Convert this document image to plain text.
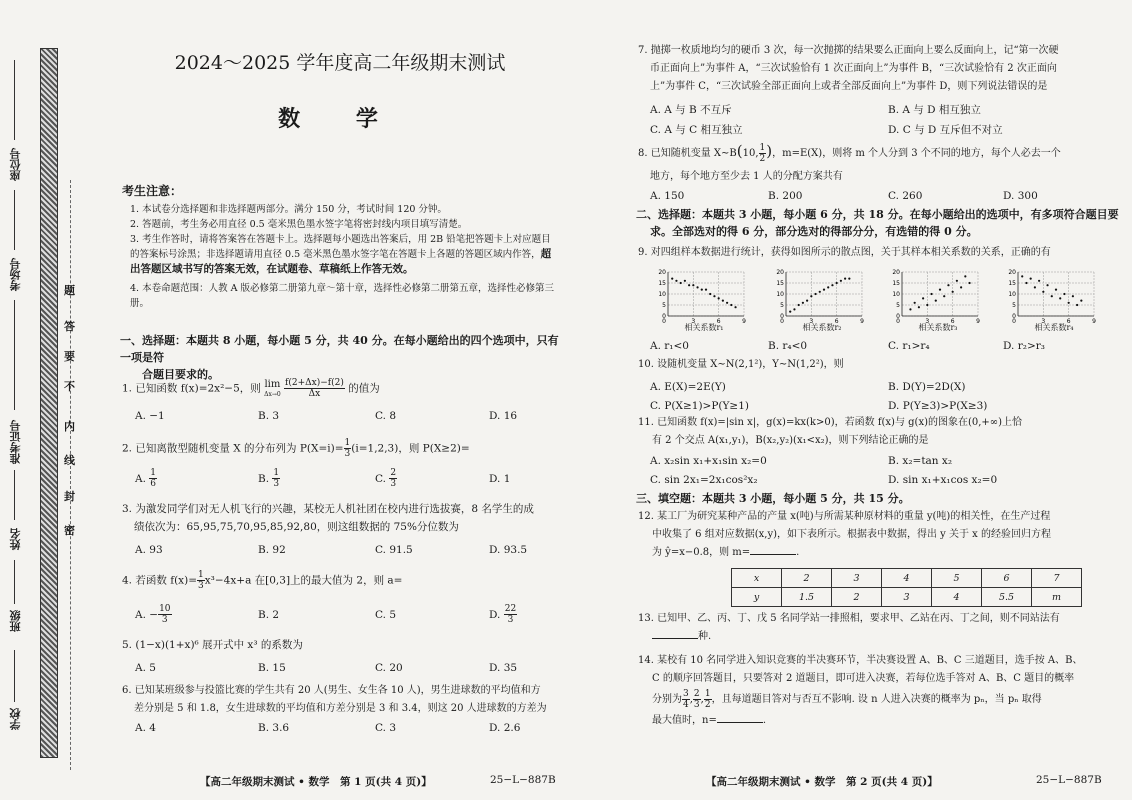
座位号
考场号
准考证号
姓名
班级
学校
题
答
要
不
内
线
封
密
2024～2025 学年度高二年级期末测试
数 学
考生注意：
1. 本试卷分选择题和非选择题两部分。满分 150 分，考试时间 120 分钟。
2. 答题前，考生务必用直径 0.5 毫米黑色墨水签字笔将密封线内项目填写清楚。
3. 考生作答时，请将答案答在答题卡上。选择题每小题选出答案后，用 2B 铅笔把答题卡上对应题目的答案标号涂黑；非选择题请用直径 0.5 毫米黑色墨水签字笔在答题卡上各题的答题区域内作答，超出答题区域书写的答案无效，在试题卷、草稿纸上作答无效。
4. 本卷命题范围：人教 A 版必修第二册第九章～第十章，选择性必修第二册第五章，选择性必修第三册。
一、选择题：本题共 8 小题，每小题 5 分，共 40 分。在每小题给出的四个选项中，只有一项是符
合题目要求的。
1. 已知函数 f(x)=2x²−5，则 lim
Δx→0
$\frac{f(2+\Delta x)-f(2)}{\Delta x}$ 的值为
A. −1	B. 3	C. 8	D. 16
2. 已知离散型随机变量 X 的分布列为 $P(X=i)= \frac{1}{3} (i=1,2,3)$，则 P(X≥2)=
A. $\frac{1}{6}$	B. $\frac{1}{3}$	C. $\frac{2}{3}$	D. 1
3. 为激发同学们对无人机飞行的兴趣，某校无人机社团在校内进行选拔赛，8 名学生的成
绩依次为：65,95,75,70,95,85,92,80，则这组数据的 75%分位数为
A. 93	B. 92	C. 91.5	D. 93.5
4. 若函数 $f(x)= \frac{1}{3} x^3-4x+a$ 在[0,3]上的最大值为 2，则 a=
A. − $\frac{10}{3}$	B. 2	C. 5	D. $\frac{22}{3}$
5. (1−x)(1+x)⁶ 展开式中 x³ 的系数为
A. 5	B. 15	C. 20	D. 35
6. 已知某班级参与投篮比赛的学生共有 20 人(男生、女生各 10 人)，男生进球数的平均值和方
差分别是 5 和 1.8，女生进球数的平均值和方差分别是 3 和 3.4，则这 20 人进球数的方差为
A. 4	B. 3.6	C. 3	D. 2.6
【高二年级期末测试 • 数学　第 1 页(共 4 页)】	25−L−887B
7. 抛掷一枚质地均匀的硬币 3 次，每一次抛掷的结果要么正面向上要么反面向上，记“第一次硬
币正面向上”为事件 A，“三次试验恰有 1 次正面向上”为事件 B，“三次试验恰有 2 次正面向
上”为事件 C，“三次试验全部正面向上或者全部反面向上”为事件 D，则下列说法错误的是
A. A 与 B 不互斥	B. A 与 D 相互独立
C. A 与 C 相互独立	D. C 与 D 互斥但不对立
8. 已知随机变量 X∼B(10, $\frac{1}{2}$ )，m=E(X)，则将 m 个人分到 3 个不同的地方，每个人必去一个
地方，每个地方至少去 1 人的分配方案共有
A. 150	B. 200	C. 260	D. 300
二、选择题：本题共 3 小题，每小题 6 分，共 18 分。在每小题给出的选项中，有多项符合题目要
求。全部选对的得 6 分，部分选对的得部分分，有选错的得 0 分。
9. 对四组样本数据进行统计，获得如图所示的散点图，关于其样本相关系数的关系，正确的有
20
15
10
5
0
3	6	9
0
20
15
10
5
0
3	6	9
0
20
15
10
5
0
3	6	9
0
20
15
10
5
0
3	6	9
0
相关系数r₁	相关系数r₂	相关系数r₃	相关系数r₄
A. r₁<0	B. r₄<0	C. r₁>r₄	D. r₂>r₃
10. 设随机变量 X∼N(2,1²)，Y∼N(1,2²)，则
A. E(X)=2E(Y)	B. D(Y)=2D(X)
C. P(X≥1)>P(Y≥1)	D. P(Y≥3)>P(X≥3)
11. 已知函数 f(x)=|sin x|，g(x)=kx(k>0)，若函数 f(x)与 g(x)的图象在(0,+∞)上恰
有 2 个交点 A(x₁,y₁)，B(x₂,y₂)(x₁<x₂)，则下列结论正确的是
A. x₂sin x₁+x₁sin x₂=0	B. x₂=tan x₂
C. sin 2x₁=2x₁cos²x₂	D. sin x₁+x₁cos x₂=0
三、填空题：本题共 3 小题，每小题 5 分，共 15 分。
12. 某工厂为研究某种产品的产量 x(吨)与所需某种原材料的重量 y(吨)的相关性，在生产过程
中收集了 6 组对应数据(x,y)，如下表所示。根据表中数据，得出 y 关于 x 的经验回归方程
为 ŷ=x−0.8，则 m=	.
x	2	3	4	5	6	7
y	1.5	2	3	4	5.5	m
13. 已知甲、乙、丙、丁、戊 5 名同学站一排照相，要求甲、乙站在丙、丁之间，则不同站法有
种.
14. 某校有 10 名同学进入知识竞赛的半决赛环节，半决赛设置 A、B、C 三道题目，选手按 A、B、
C 的顺序回答题目，只要答对 2 道题目，即可进入决赛，若每位选手答对 A、B、C 题目的概率
分别为 $\frac{3}{4}$ , $\frac{2}{3}$ , $\frac{1}{2}$ ，且每道题目答对与否互不影响. 设 n 人进入决赛的概率为 pₙ，当 pₙ 取得
最大值时，n=	.
【高二年级期末测试 • 数学　第 2 页(共 4 页)】	25−L−887B
